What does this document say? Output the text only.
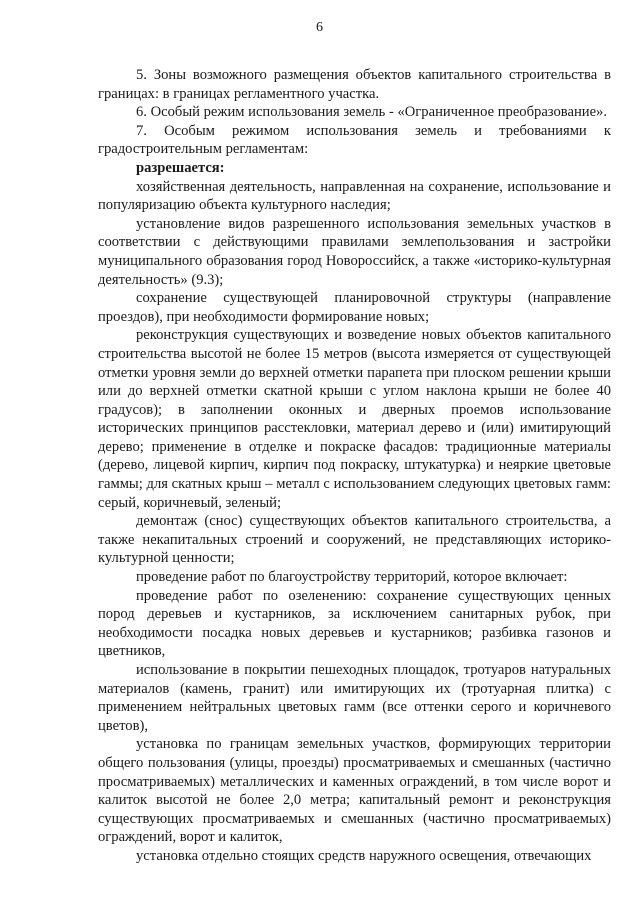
6

5. Зоны возможного размещения объектов капитального строительства в границах: в границах регламентного участка.

6. Особый режим использования земель - «Ограниченное преобразование».

7. Особым режимом использования земель и требованиями к градостроительным регламентам:

разрешается:

хозяйственная деятельность, направленная на сохранение, использование и популяризацию объекта культурного наследия;

установление видов разрешенного использования земельных участков в соответствии с действующими правилами землепользования и застройки муниципального образования город Новороссийск, а также «историко-культурная деятельность» (9.3);

сохранение существующей планировочной структуры (направление проездов), при необходимости формирование новых;

реконструкция существующих и возведение новых объектов капитального строительства высотой не более 15 метров (высота измеряется от существующей отметки уровня земли до верхней отметки парапета при плоском решении крыши или до верхней отметки скатной крыши с углом наклона крыши не более 40 градусов); в заполнении оконных и дверных проемов использование исторических принципов расстекловки, материал дерево и (или) имитирующий дерево; применение в отделке и покраске фасадов: традиционные материалы (дерево, лицевой кирпич, кирпич под покраску, штукатурка) и неяркие цветовые гаммы; для скатных крыш – металл с использованием следующих цветовых гамм: серый, коричневый, зеленый;

демонтаж (снос) существующих объектов капитального строительства, а также некапитальных строений и сооружений, не представляющих историко-культурной ценности;

проведение работ по благоустройству территорий, которое включает:

проведение работ по озеленению: сохранение существующих ценных пород деревьев и кустарников, за исключением санитарных рубок, при необходимости посадка новых деревьев и кустарников; разбивка газонов и цветников,

использование в покрытии пешеходных площадок, тротуаров натуральных материалов (камень, гранит) или имитирующих их (тротуарная плитка) с применением нейтральных цветовых гамм (все оттенки серого и коричневого цветов),

установка по границам земельных участков, формирующих территории общего пользования (улицы, проезды) просматриваемых и смешанных (частично просматриваемых) металлических и каменных ограждений, в том числе ворот и калиток высотой не более 2,0 метра; капитальный ремонт и реконструкция существующих просматриваемых и смешанных (частично просматриваемых) ограждений, ворот и калиток,

установка отдельно стоящих средств наружного освещения, отвечающих
